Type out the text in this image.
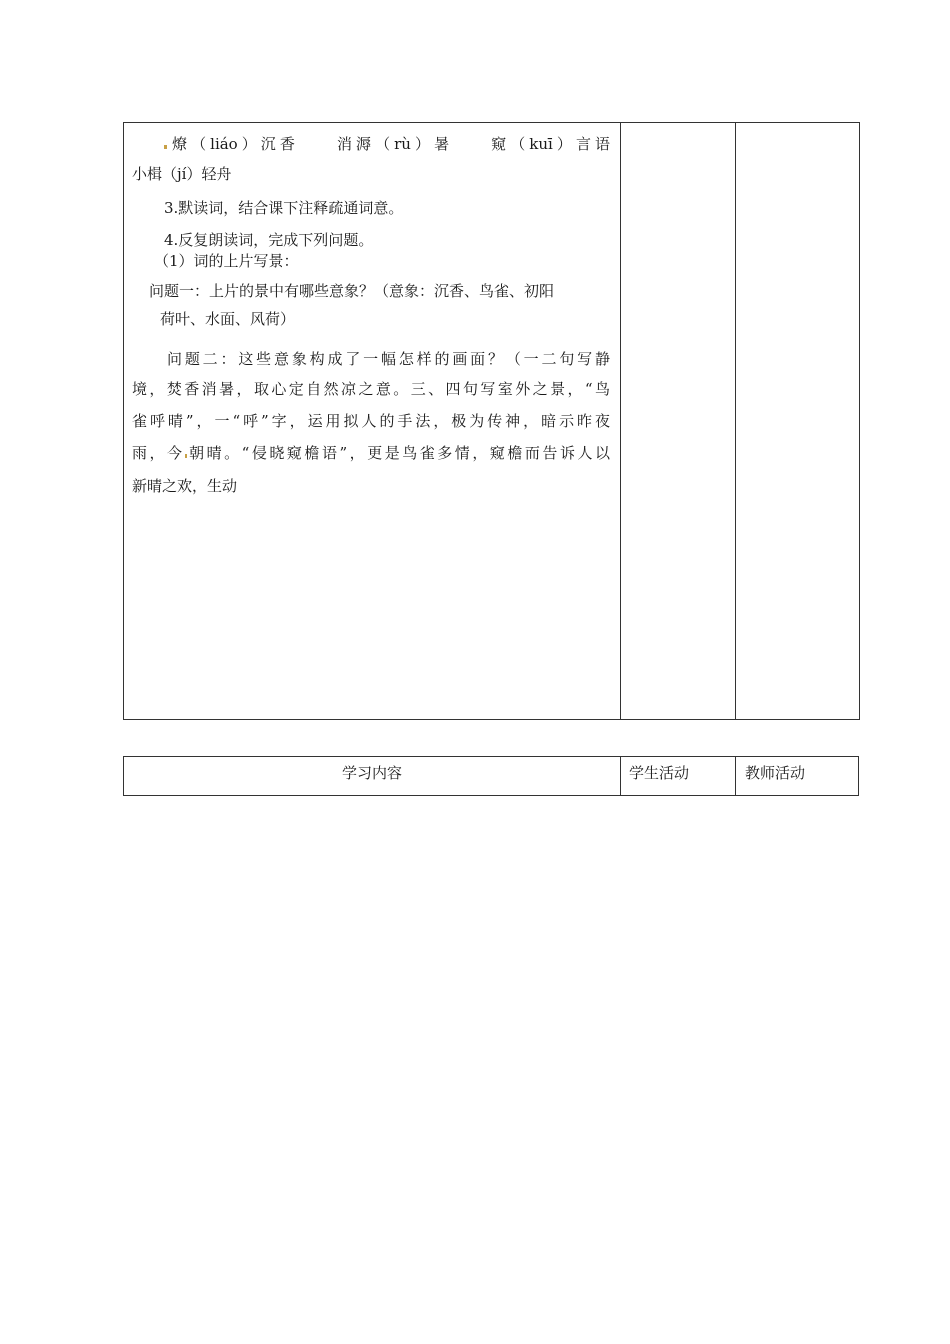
燎（liáo）沉香　　消溽（rù）暑　　窥（kuī）言语
小楫（jí）轻舟
3.默读词，结合课下注释疏通词意。
4.反复朗读词，完成下列问题。
（1）词的上片写景：
问题一：上片的景中有哪些意象？（意象：沉香、鸟雀、初阳
荷叶、水面、风荷）
问题二：这些意象构成了一幅怎样的画面？（一二句写静
境，焚香消暑，取心定自然凉之意。三、四句写室外之景，“鸟
雀呼晴”，一“呼”字，运用拟人的手法，极为传神，暗示昨夜
雨，今 朝晴。“侵晓窥檐语”，更是鸟雀多情，窥檐而告诉人以
新晴之欢，生动
学习内容	学生活动	教师活动
